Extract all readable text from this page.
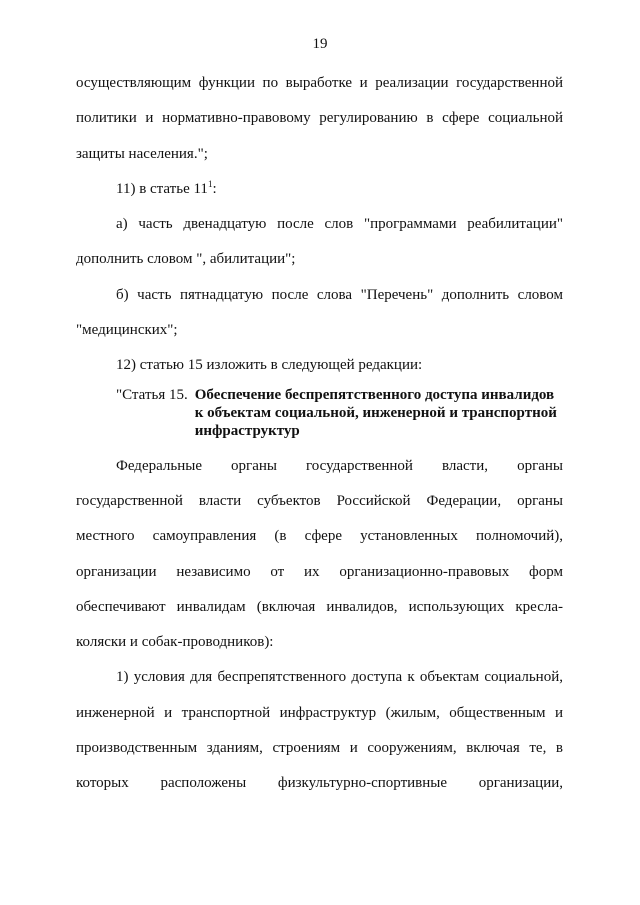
19

осуществляющим функции по выработке и реализации государственной политики и нормативно-правовому регулированию в сфере социальной защиты населения.";

11) в статье $11^1$:

а) часть двенадцатую после слов "программами реабилитации" дополнить словом ", абилитации";

б) часть пятнадцатую после слова "Перечень" дополнить словом "медицинских";

12) статью 15 изложить в следующей редакции:

"Статья 15. Обеспечение беспрепятственного доступа инвалидов к объектам социальной, инженерной и транспортной инфраструктур

Федеральные органы государственной власти, органы государственной власти субъектов Российской Федерации, органы местного самоуправления (в сфере установленных полномочий), организации независимо от их организационно-правовых форм обеспечивают инвалидам (включая инвалидов, использующих кресла-коляски и собак-проводников):

1) условия для беспрепятственного доступа к объектам социальной, инженерной и транспортной инфраструктур (жилым, общественным и производственным зданиям, строениям и сооружениям, включая те, в которых расположены физкультурно-спортивные организации,
